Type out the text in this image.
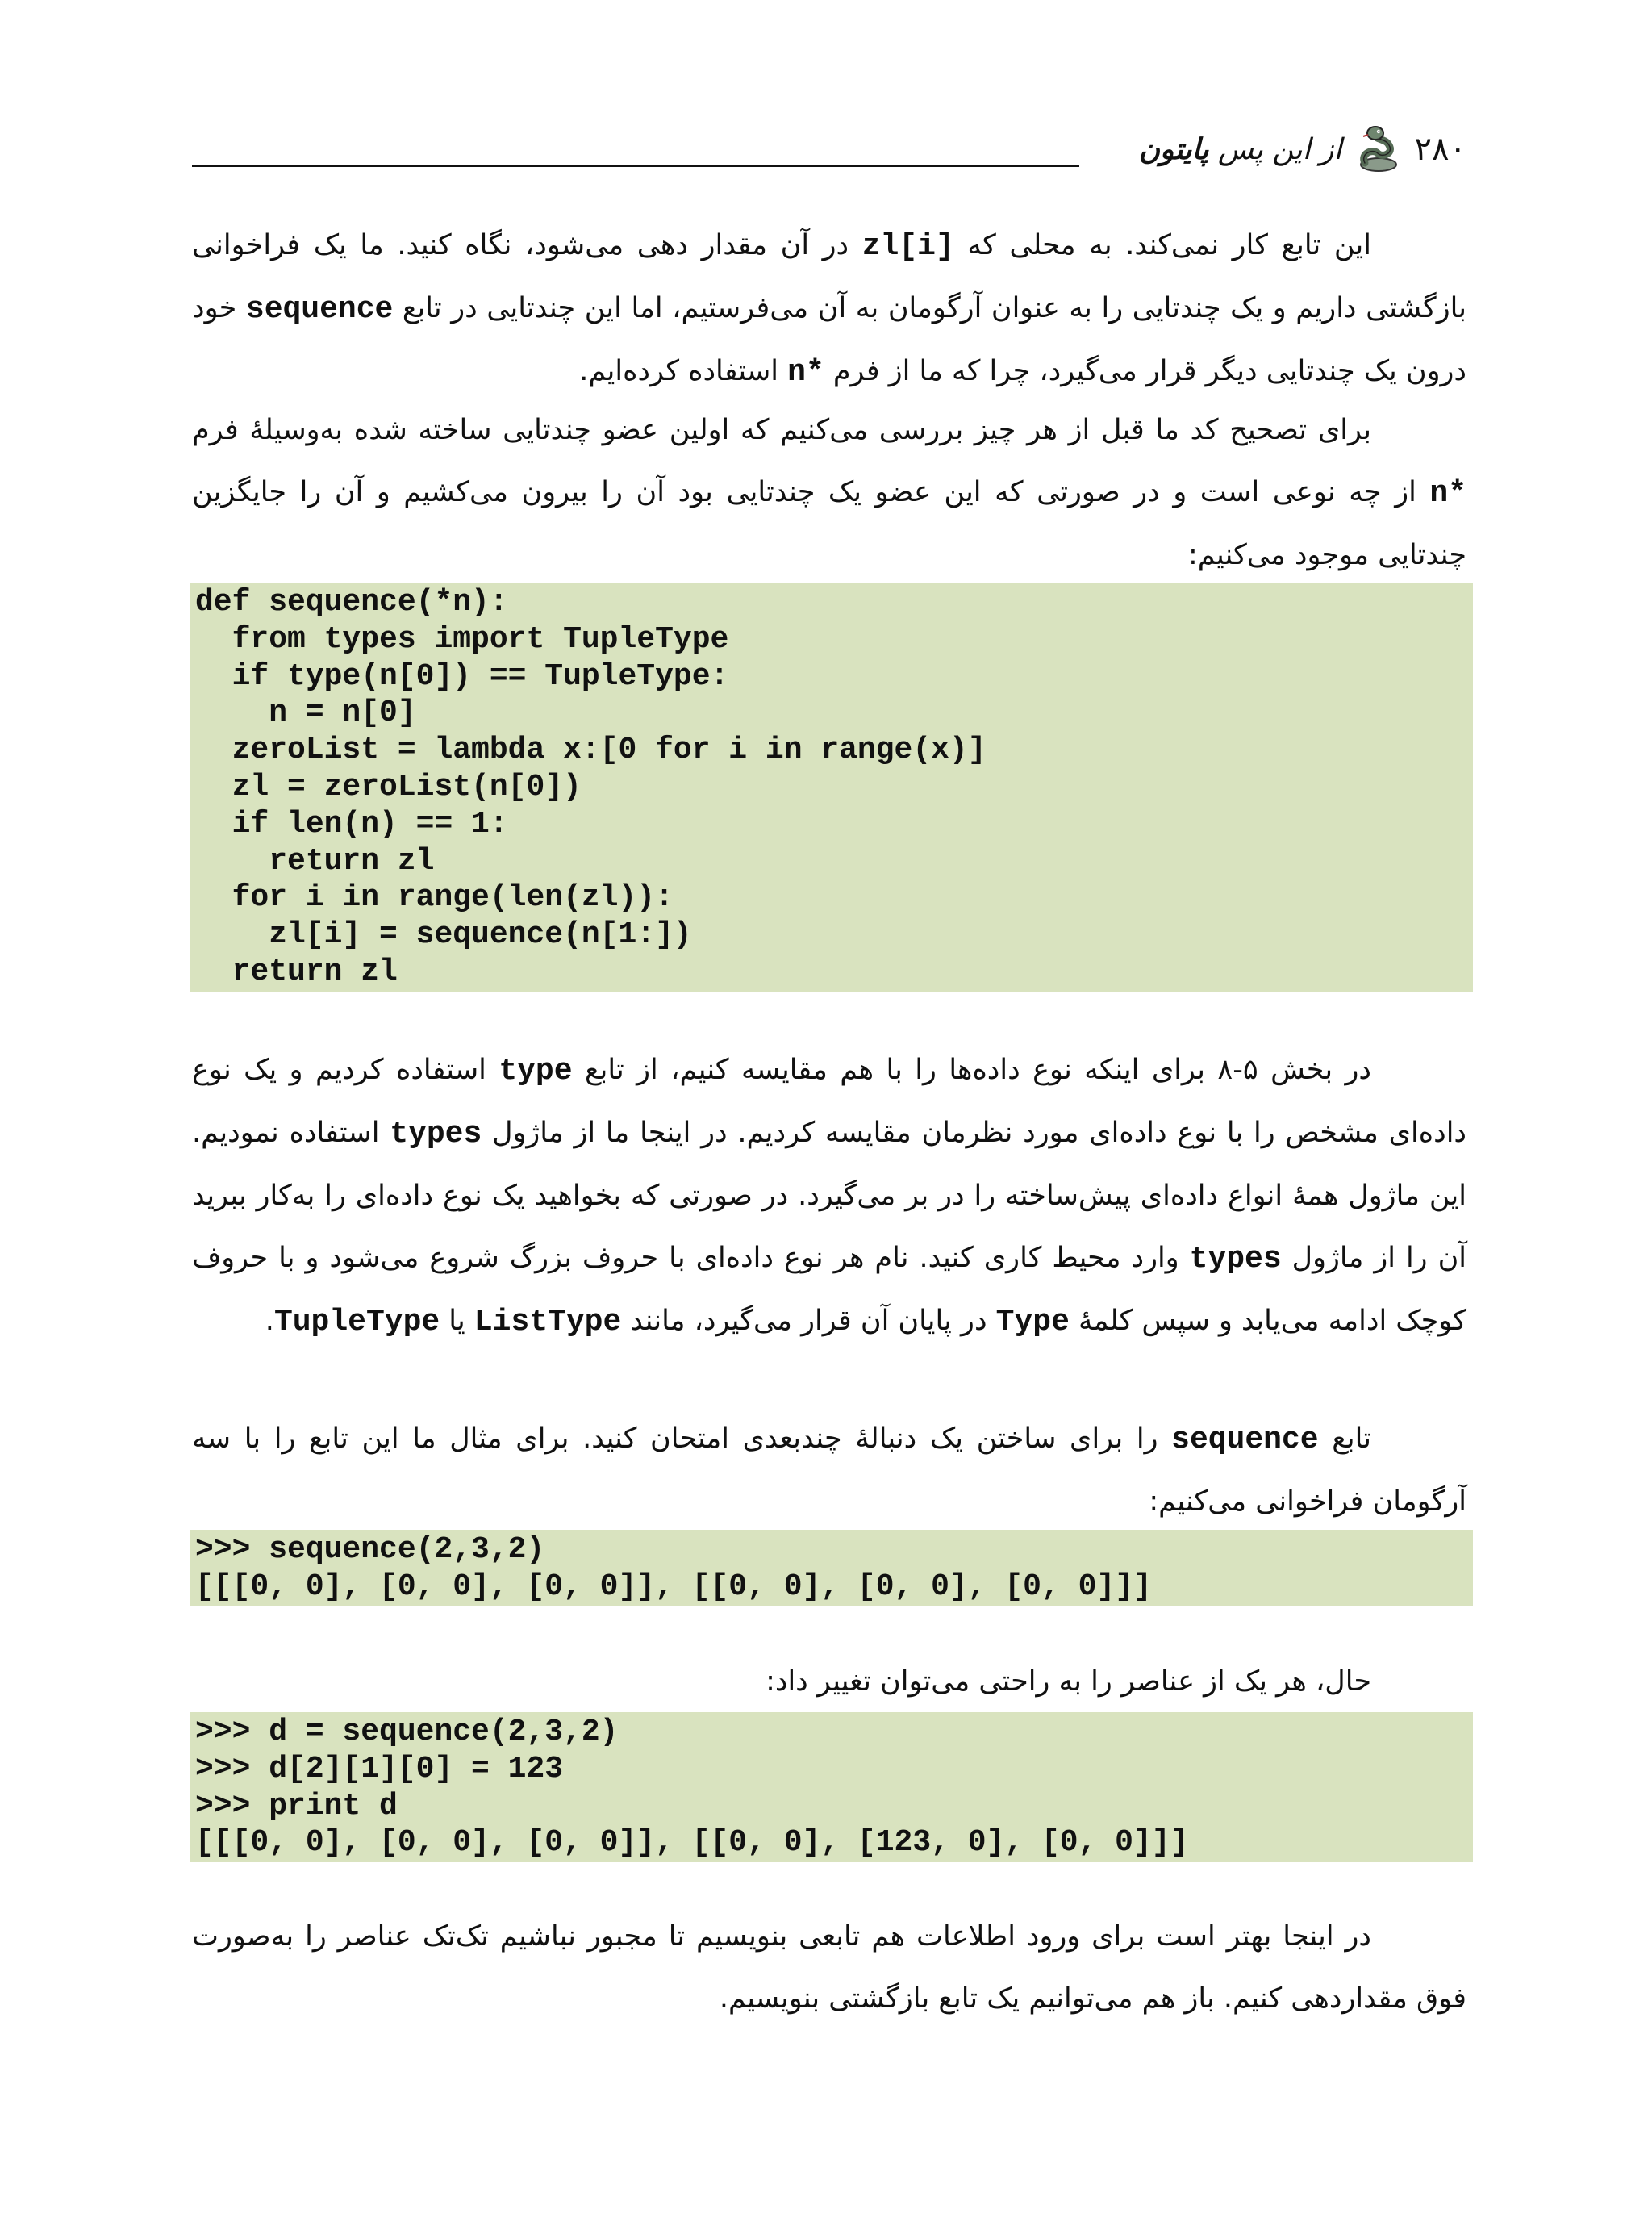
۲۸۰
از این پس پایتون
این تابع کار نمی‌کند. به محلی که zl[i] در آن مقدار دهی می‌شود، نگاه کنید. ما یک فراخوانی بازگشتی داریم و یک چندتایی را به عنوان آرگومان به آن می‌فرستیم، اما این چندتایی در تابع sequence خود درون یک چندتایی دیگر قرار می‌گیرد، چرا که ما از فرم n* استفاده کرده‌ایم.
برای تصحیح کد ما قبل از هر چیز بررسی می‌کنیم که اولین عضو چندتایی ساخته شده به‌وسیلهٔ فرم n* از چه نوعی است و در صورتی که این عضو یک چندتایی بود آن را بیرون می‌کشیم و آن را جایگزین چندتایی موجود می‌کنیم:
def sequence(*n):
from types import TupleType
if type(n[0]) == TupleType:
n = n[0]
zeroList = lambda x:[0 for i in range(x)]
zl = zeroList(n[0])
if len(n) == 1:
return zl
for i in range(len(zl)):
zl[i] = sequence(n[1:])
return zl
در بخش ۵-۸ برای اینکه نوع داده‌ها را با هم مقایسه کنیم، از تابع type استفاده کردیم و یک نوع داده‌ای مشخص را با نوع داده‌ای مورد نظرمان مقایسه کردیم. در اینجا ما از ماژول types استفاده نمودیم. این ماژول همهٔ انواع داده‌ای پیش‌ساخته را در بر می‌گیرد. در صورتی که بخواهید یک نوع داده‌ای را به‌کار ببرید آن را از ماژول types وارد محیط کاری کنید. نام هر نوع داده‌ای با حروف بزرگ شروع می‌شود و با حروف کوچک ادامه می‌یابد و سپس کلمهٔ Type در پایان آن قرار می‌گیرد، مانند ListType یا TupleType.
تابع sequence را برای ساختن یک دنبالهٔ چندبعدی امتحان کنید. برای مثال ما این تابع را با سه آرگومان فراخوانی می‌کنیم:
>>> sequence(2,3,2)
[[[0, 0], [0, 0], [0, 0]], [[0, 0], [0, 0], [0, 0]]]
حال، هر یک از عناصر را به راحتی می‌توان تغییر داد:
>>> d = sequence(2,3,2)
>>> d[2][1][0] = 123
>>> print d
[[[0, 0], [0, 0], [0, 0]], [[0, 0], [123, 0], [0, 0]]]
در اینجا بهتر است برای ورود اطلاعات هم تابعی بنویسیم تا مجبور نباشیم تک‌تک عناصر را به‌صورت فوق مقداردهی کنیم. باز هم می‌توانیم یک تابع بازگشتی بنویسیم.
